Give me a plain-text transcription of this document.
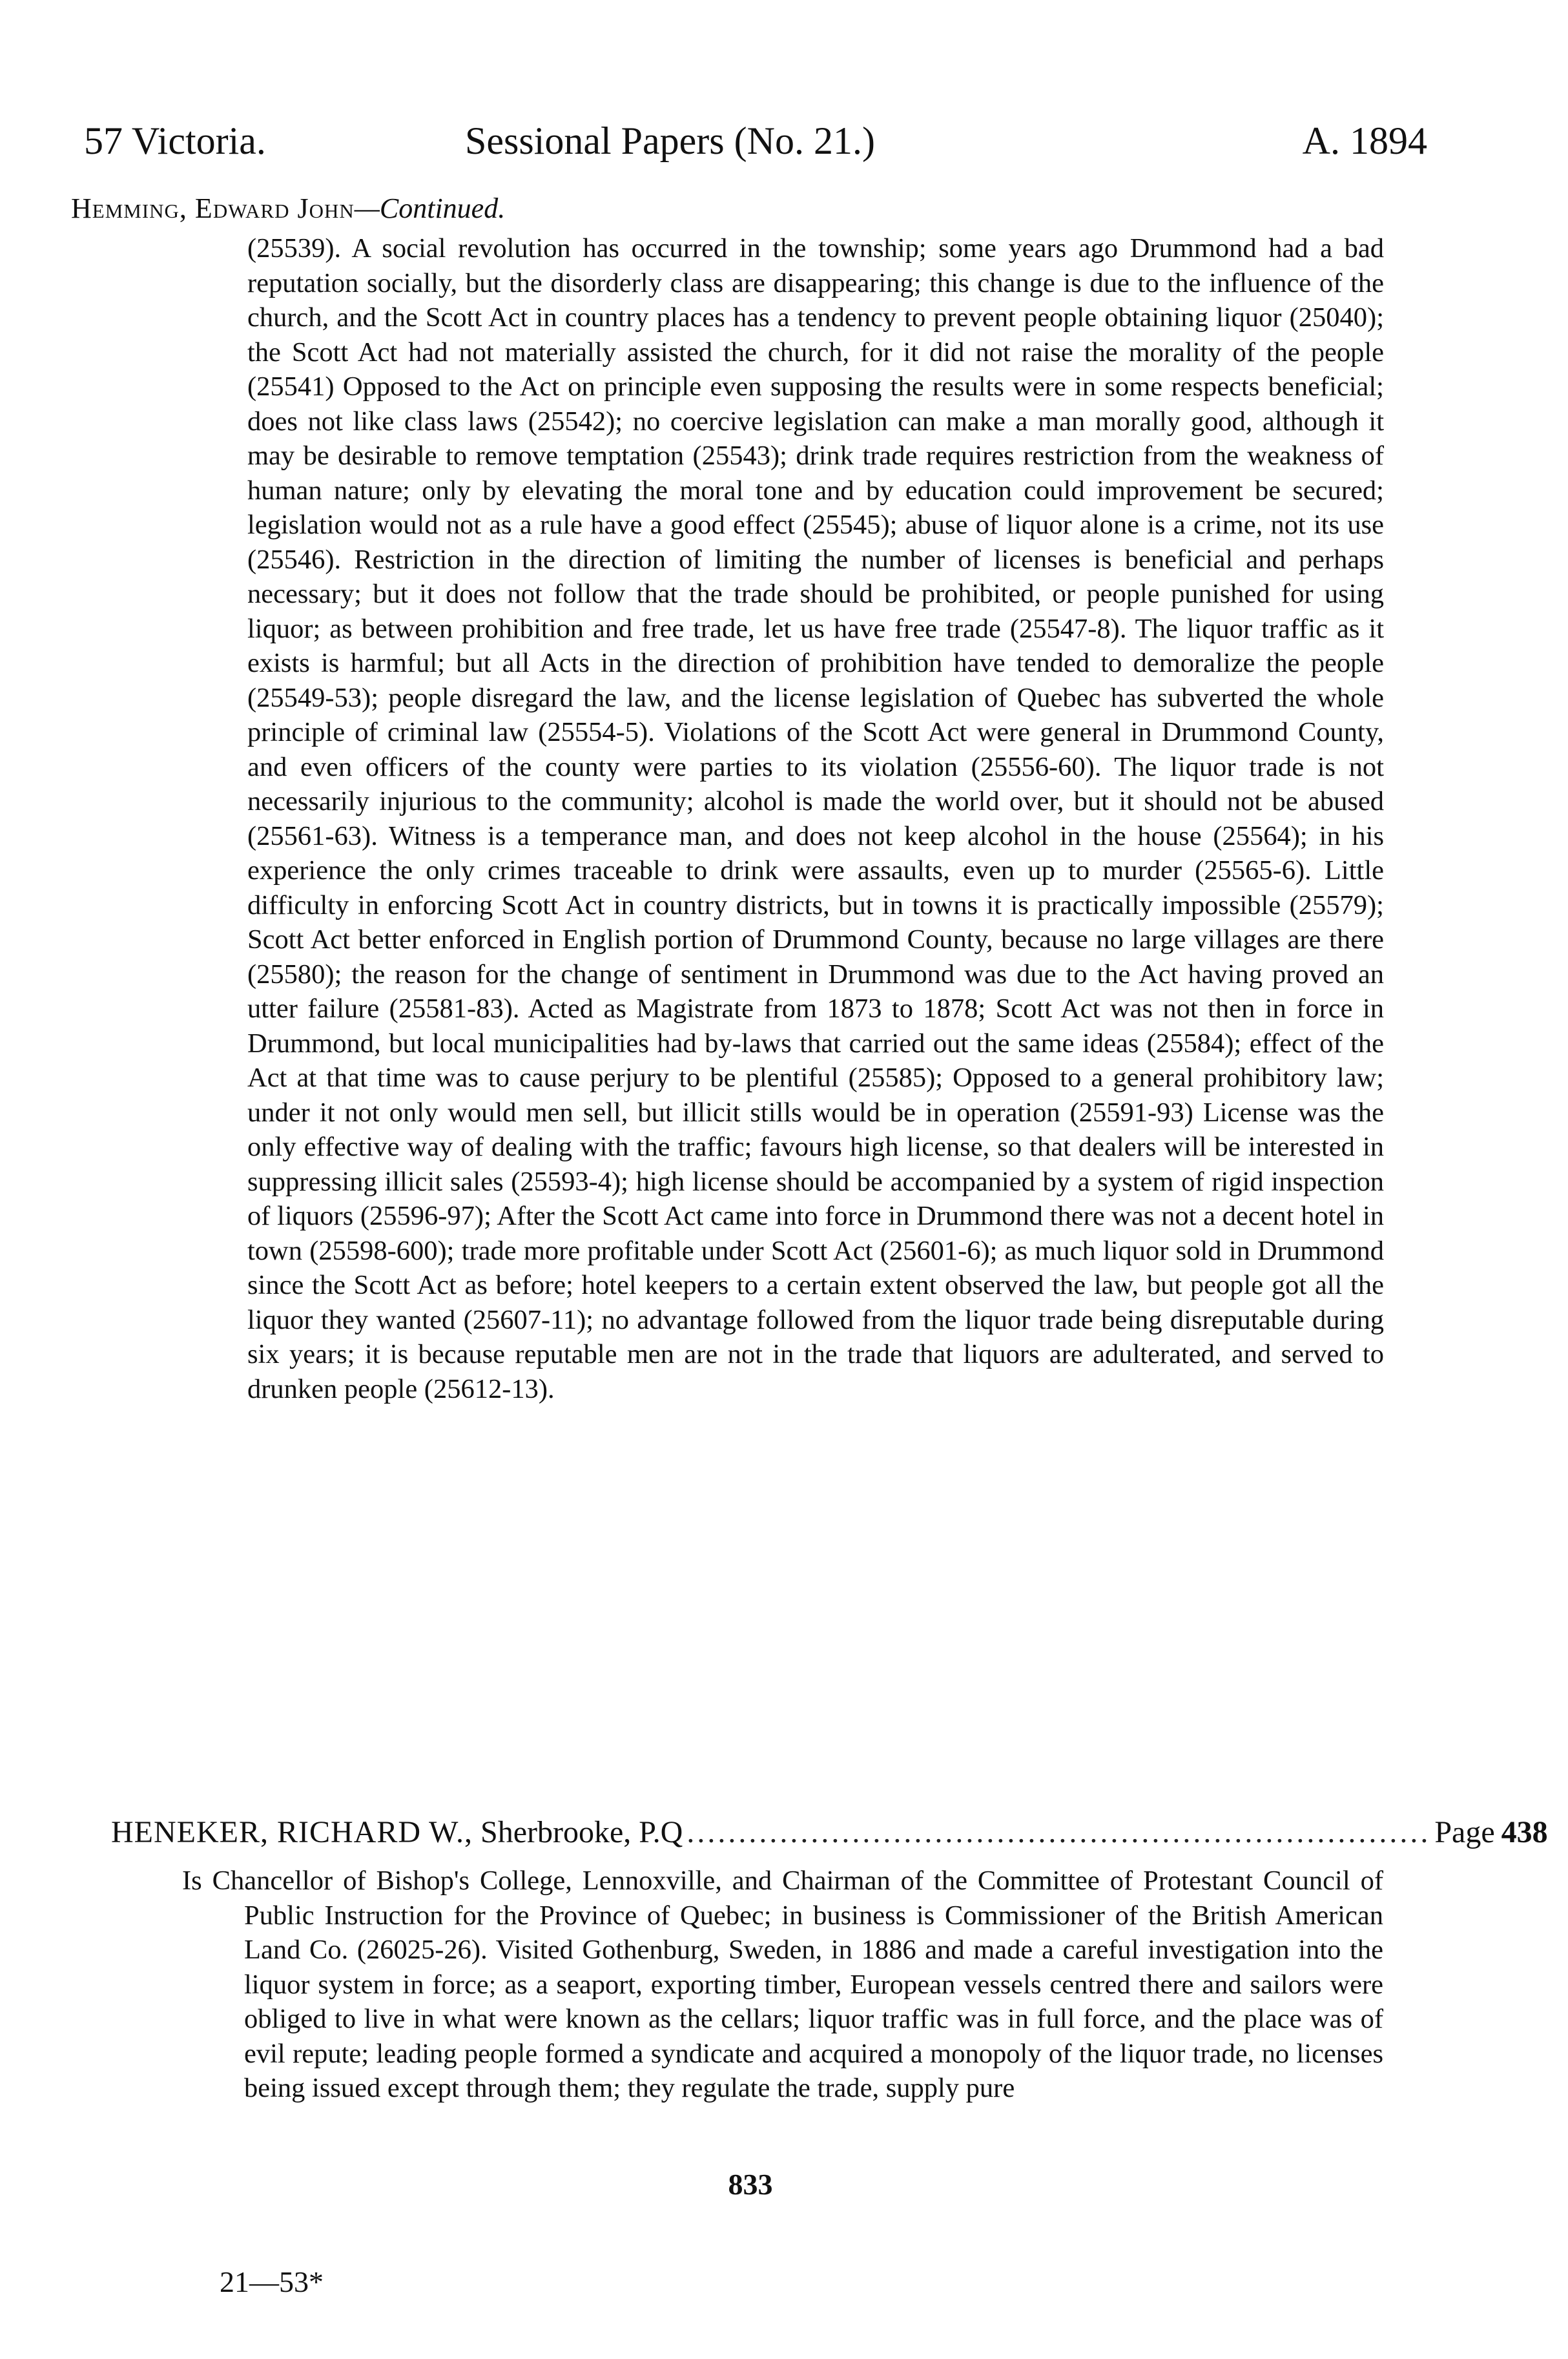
57 Victoria.	Sessional Papers (No. 21.)	A. 1894
Hemming, Edward John—Continued.
(25539). A social revolution has occurred in the township; some years ago Drummond had a bad reputation socially, but the disorderly class are disappearing; this change is due to the influence of the church, and the Scott Act in country places has a tendency to prevent people obtaining liquor (25040); the Scott Act had not materially assisted the church, for it did not raise the morality of the people (25541) Opposed to the Act on principle even supposing the results were in some respects beneficial; does not like class laws (25542); no coercive legislation can make a man morally good, although it may be desirable to remove temptation (25543); drink trade requires restriction from the weakness of human nature; only by elevating the moral tone and by education could improvement be secured; legislation would not as a rule have a good effect (25545); abuse of liquor alone is a crime, not its use (25546). Restriction in the direction of limiting the number of licenses is beneficial and perhaps necessary; but it does not follow that the trade should be prohibited, or people punished for using liquor; as between prohibition and free trade, let us have free trade (25547-8). The liquor traffic as it exists is harmful; but all Acts in the direction of prohibition have tended to demoralize the people (25549-53); people disregard the law, and the license legislation of Quebec has subverted the whole principle of criminal law (25554-5). Violations of the Scott Act were general in Drummond County, and even officers of the county were parties to its violation (25556-60). The liquor trade is not necessarily injurious to the community; alcohol is made the world over, but it should not be abused (25561-63). Witness is a temperance man, and does not keep alcohol in the house (25564); in his experience the only crimes traceable to drink were assaults, even up to murder (25565-6). Little difficulty in enforcing Scott Act in country districts, but in towns it is practically impossible (25579); Scott Act better enforced in English portion of Drummond County, because no large villages are there (25580); the reason for the change of sentiment in Drummond was due to the Act having proved an utter failure (25581-83). Acted as Magistrate from 1873 to 1878; Scott Act was not then in force in Drummond, but local municipalities had by-laws that carried out the same ideas (25584); effect of the Act at that time was to cause perjury to be plentiful (25585); Opposed to a general prohibitory law; under it not only would men sell, but illicit stills would be in operation (25591-93) License was the only effective way of dealing with the traffic; favours high license, so that dealers will be interested in suppressing illicit sales (25593-4); high license should be accompanied by a system of rigid inspection of liquors (25596-97); After the Scott Act came into force in Drummond there was not a decent hotel in town (25598-600); trade more profitable under Scott Act (25601-6); as much liquor sold in Drummond since the Scott Act as before; hotel keepers to a certain extent observed the law, but people got all the liquor they wanted (25607-11); no advantage followed from the liquor trade being disreputable during six years; it is because reputable men are not in the trade that liquors are adulterated, and served to drunken people (25612-13).
HENEKER, RICHARD W., Sherbrooke, P.Q ........................................................................ Page 438
Is Chancellor of Bishop's College, Lennoxville, and Chairman of the Committee of Protestant Council of Public Instruction for the Province of Quebec; in business is Commissioner of the British American Land Co. (26025-26). Visited Gothenburg, Sweden, in 1886 and made a careful investigation into the liquor system in force; as a seaport, exporting timber, European vessels centred there and sailors were obliged to live in what were known as the cellars; liquor traffic was in full force, and the place was of evil repute; leading people formed a syndicate and acquired a monopoly of the liquor trade, no licenses being issued except through them; they regulate the trade, supply pure
833
21—53*
